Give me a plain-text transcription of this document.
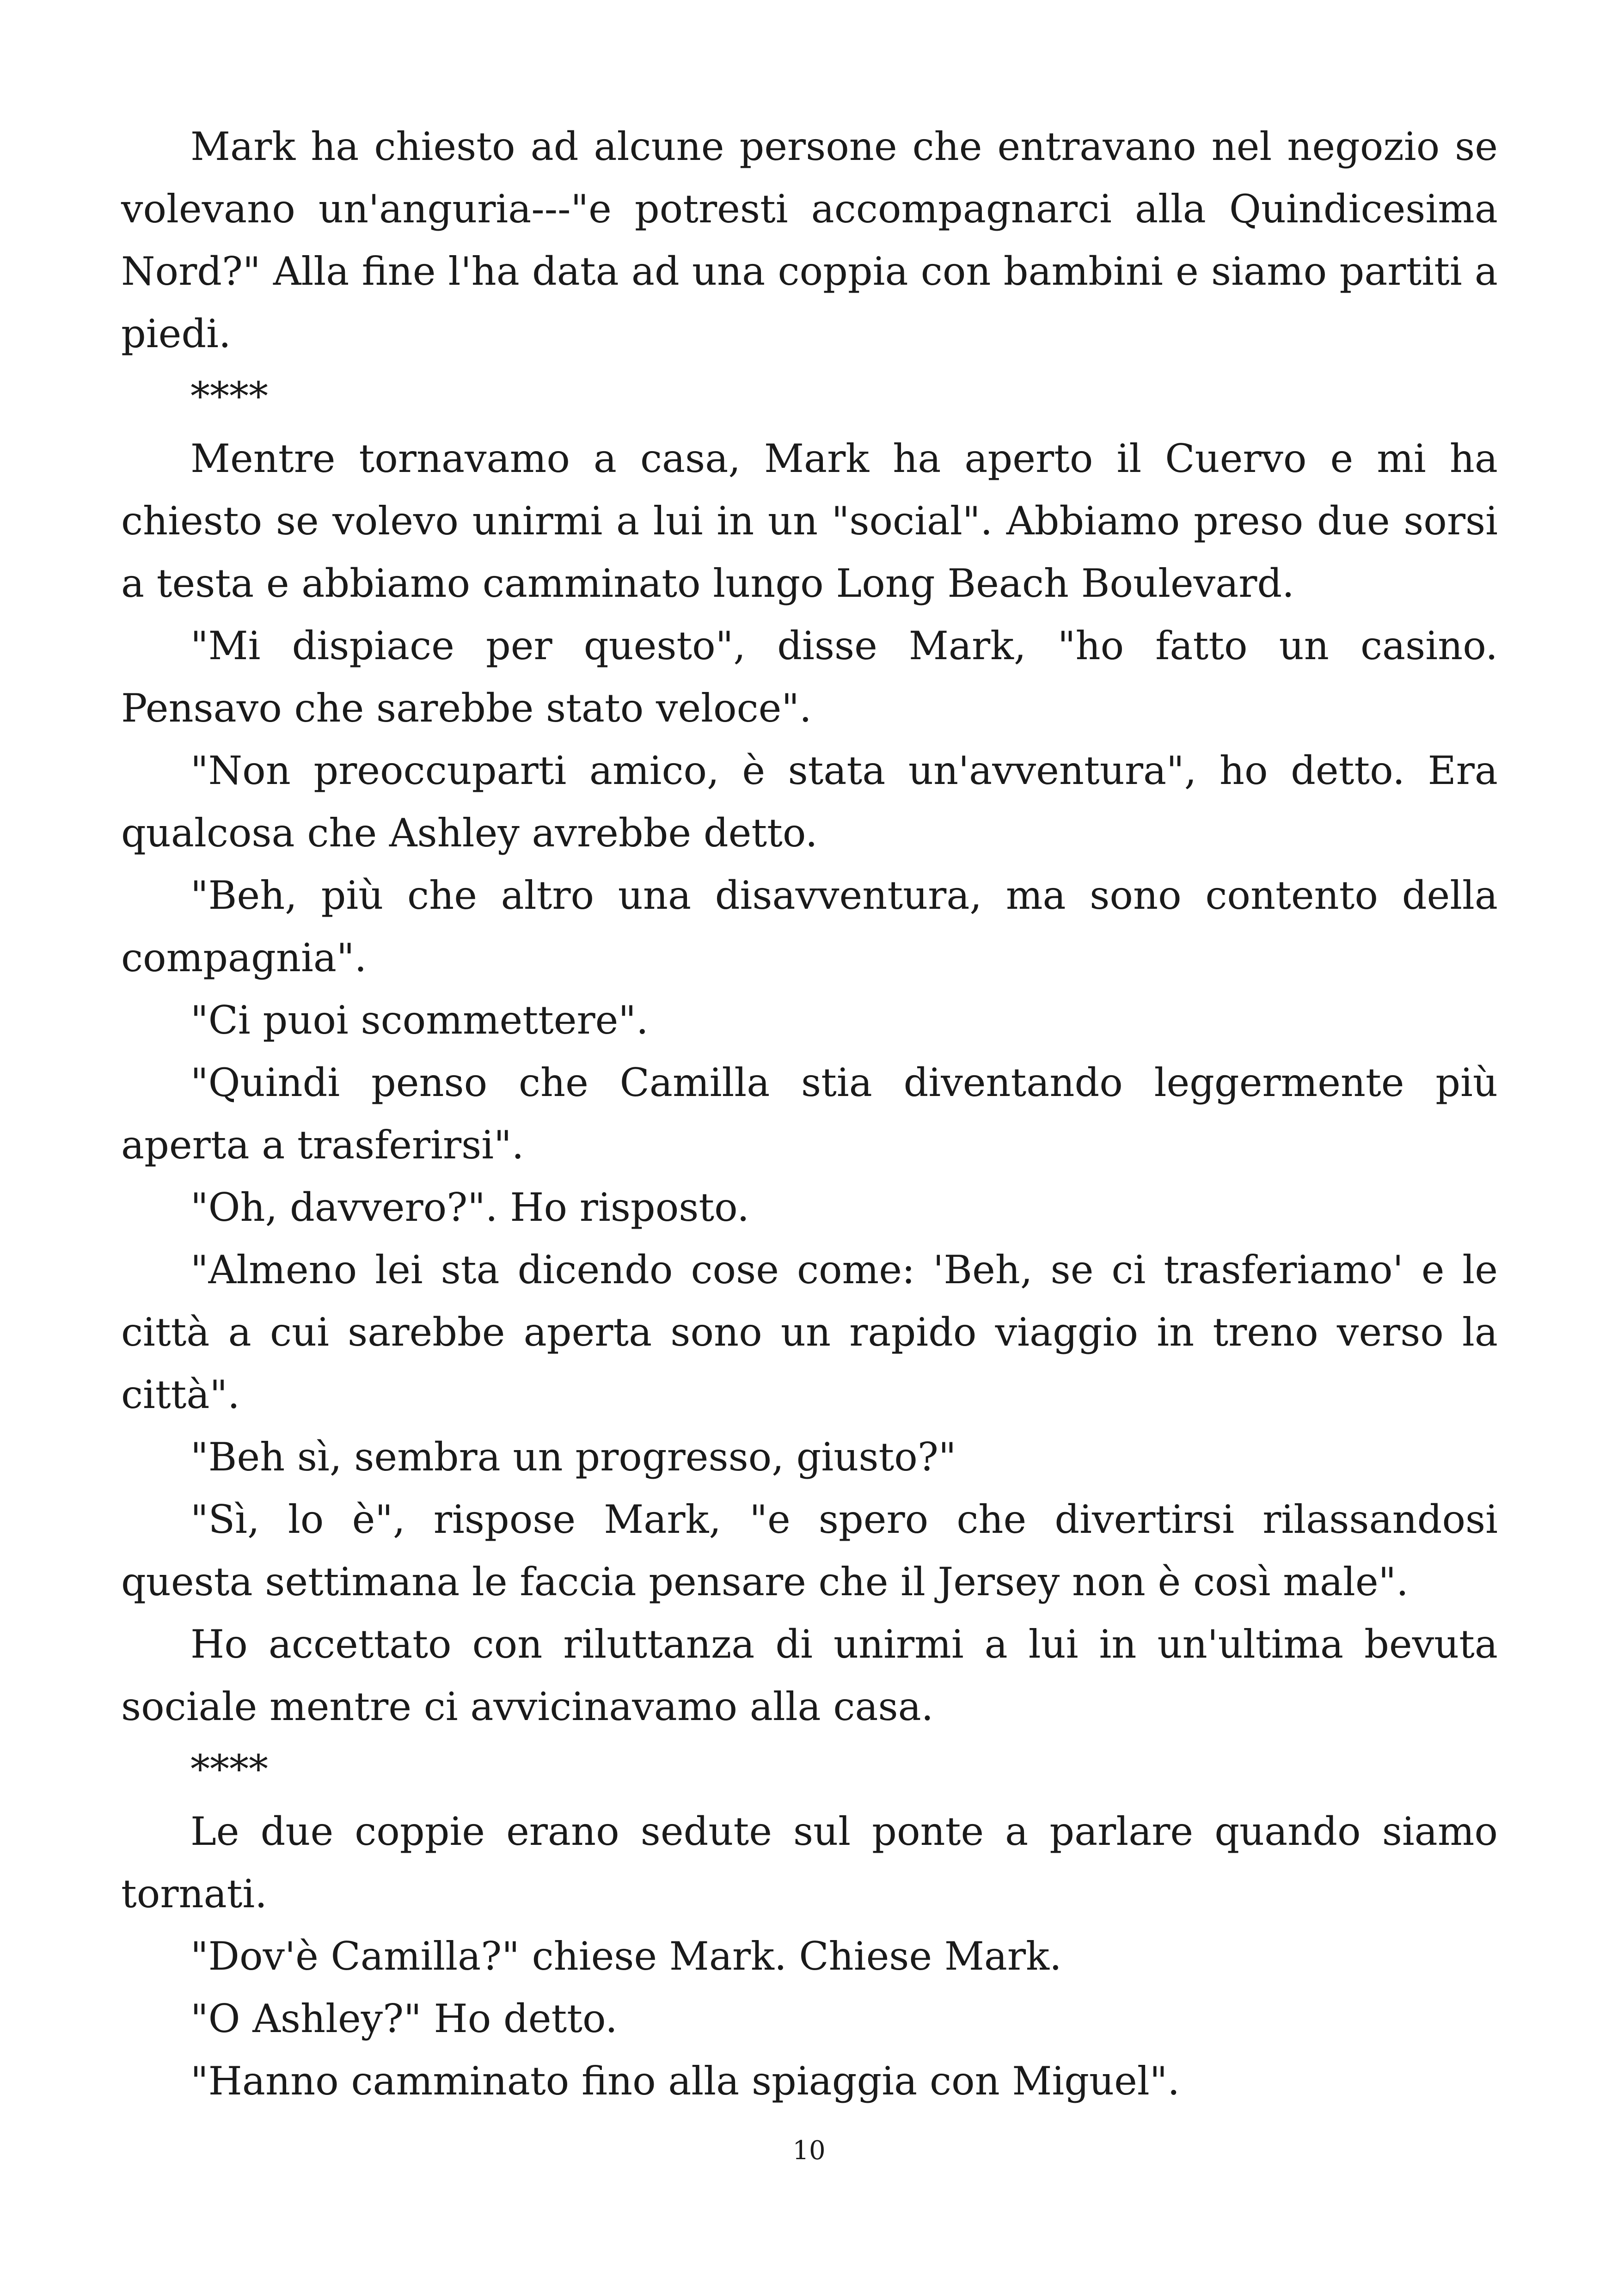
Mark ha chiesto ad alcune persone che entravano nel negozio se volevano un'anguria---"e potresti accompagnarci alla Quindicesima Nord?" Alla fine l'ha data ad una coppia con bambini e siamo partiti a piedi.

****

Mentre tornavamo a casa, Mark ha aperto il Cuervo e mi ha chiesto se volevo unirmi a lui in un "social". Abbiamo preso due sorsi a testa e abbiamo camminato lungo Long Beach Boulevard.

"Mi dispiace per questo", disse Mark, "ho fatto un casino. Pensavo che sarebbe stato veloce".

"Non preoccuparti amico, è stata un'avventura", ho detto. Era qualcosa che Ashley avrebbe detto.

"Beh, più che altro una disavventura, ma sono contento della compagnia".

"Ci puoi scommettere".

"Quindi penso che Camilla stia diventando leggermente più aperta a trasferirsi".

"Oh, davvero?". Ho risposto.

"Almeno lei sta dicendo cose come: 'Beh, se ci trasferiamo' e le città a cui sarebbe aperta sono un rapido viaggio in treno verso la città".

"Beh sì, sembra un progresso, giusto?"

"Sì, lo è", rispose Mark, "e spero che divertirsi rilassandosi questa settimana le faccia pensare che il Jersey non è così male".

Ho accettato con riluttanza di unirmi a lui in un'ultima bevuta sociale mentre ci avvicinavamo alla casa.

****

Le due coppie erano sedute sul ponte a parlare quando siamo tornati.

"Dov'è Camilla?" chiese Mark. Chiese Mark.

"O Ashley?" Ho detto.

"Hanno camminato fino alla spiaggia con Miguel".

10
